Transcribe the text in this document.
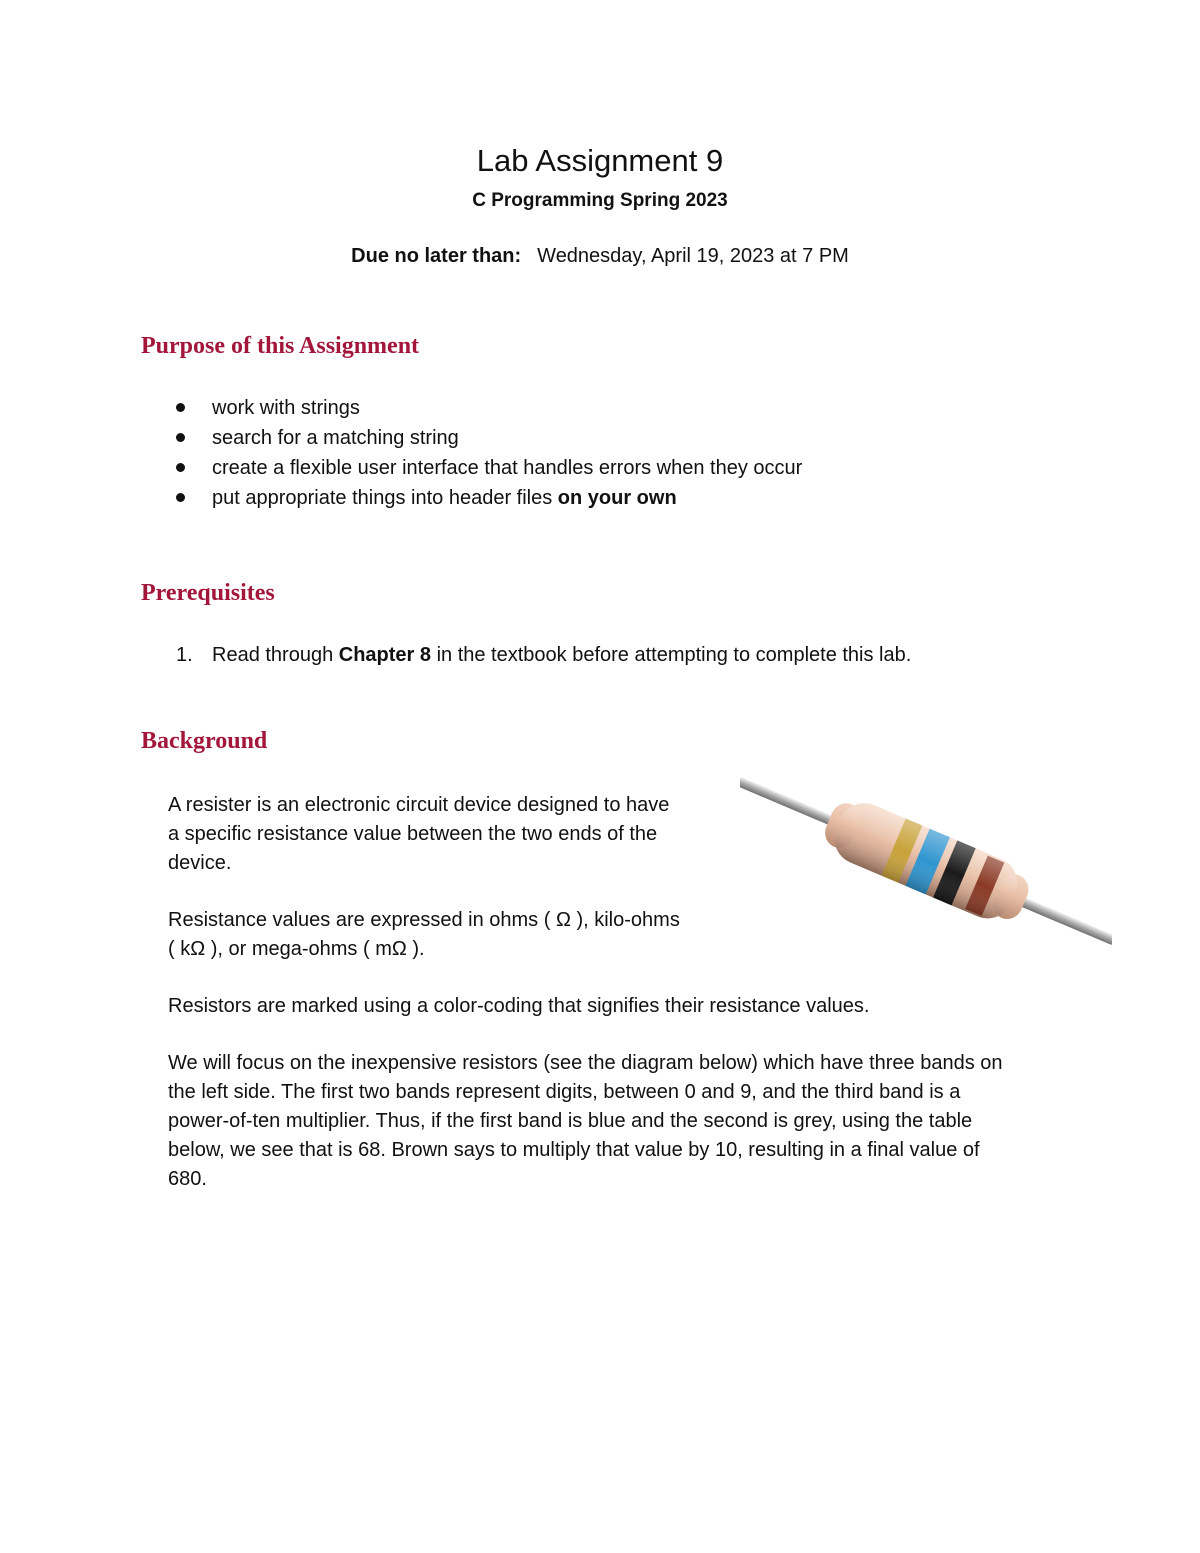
Lab Assignment 9
C Programming Spring 2023
Due no later than: Wednesday, April 19, 2023 at 7 PM
Purpose of this Assignment
work with strings
search for a matching string
create a flexible user interface that handles errors when they occur
put appropriate things into header files on your own
Prerequisites
1. Read through Chapter 8 in the textbook before attempting to complete this lab.
Background
A resister is an electronic circuit device designed to have
a specific resistance value between the two ends of the
device.
Resistance values are expressed in ohms ( Ω ), kilo-ohms
( kΩ ), or mega-ohms ( mΩ ).
Resistors are marked using a color-coding that signifies their resistance values.
We will focus on the inexpensive resistors (see the diagram below) which have three bands on
the left side. The first two bands represent digits, between 0 and 9, and the third band is a
power-of-ten multiplier. Thus, if the first band is blue and the second is grey, using the table
below, we see that is 68. Brown says to multiply that value by 10, resulting in a final value of
680.
